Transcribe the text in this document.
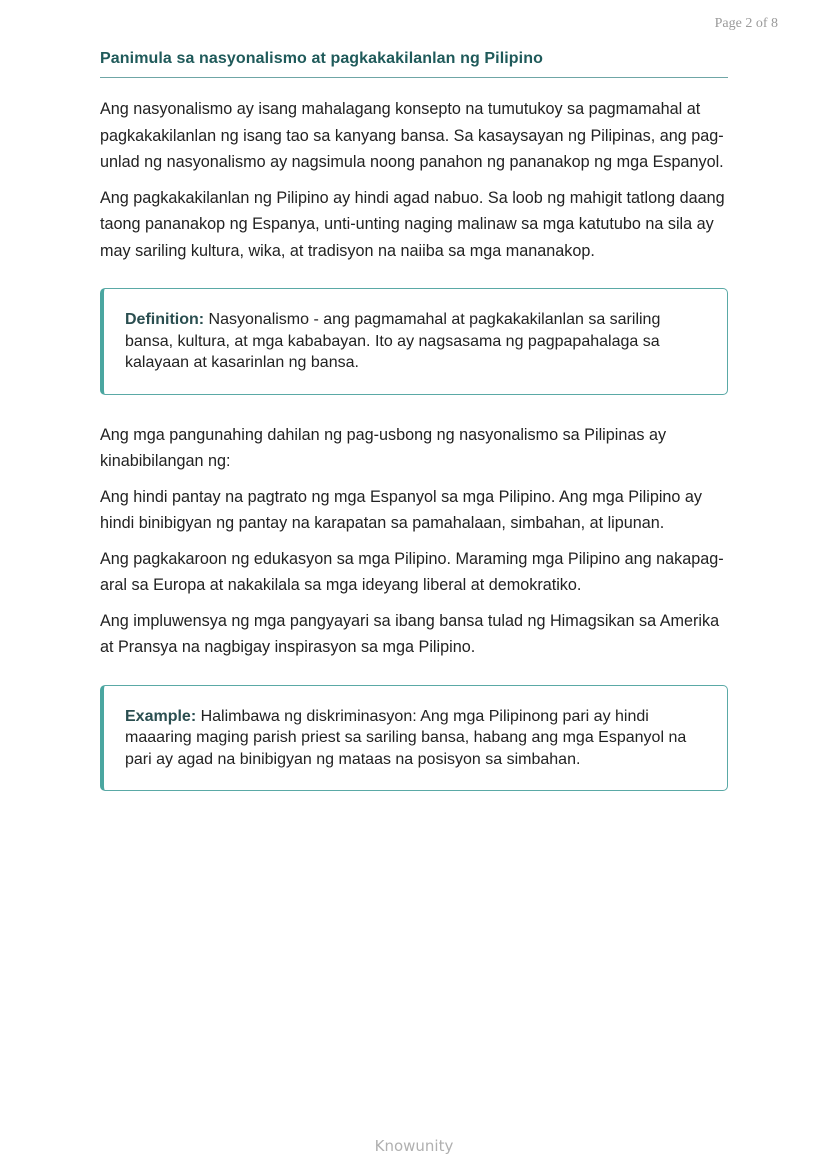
Page 2 of 8
Panimula sa nasyonalismo at pagkakakilanlan ng Pilipino

Ang nasyonalismo ay isang mahalagang konsepto na tumutukoy sa pagmamahal at pagkakakilanlan ng isang tao sa kanyang bansa. Sa kasaysayan ng Pilipinas, ang pag-unlad ng nasyonalismo ay nagsimula noong panahon ng pananakop ng mga Espanyol.

Ang pagkakakilanlan ng Pilipino ay hindi agad nabuo. Sa loob ng mahigit tatlong daang taong pananakop ng Espanya, unti-unting naging malinaw sa mga katutubo na sila ay may sariling kultura, wika, at tradisyon na naiiba sa mga mananakop.

Definition: Nasyonalismo - ang pagmamahal at pagkakakilanlan sa sariling bansa, kultura, at mga kababayan. Ito ay nagsasama ng pagpapahalaga sa kalayaan at kasarinlan ng bansa.

Ang mga pangunahing dahilan ng pag-usbong ng nasyonalismo sa Pilipinas ay kinabibilangan ng:

Ang hindi pantay na pagtrato ng mga Espanyol sa mga Pilipino. Ang mga Pilipino ay hindi binibigyan ng pantay na karapatan sa pamahalaan, simbahan, at lipunan.

Ang pagkakaroon ng edukasyon sa mga Pilipino. Maraming mga Pilipino ang nakapag-aral sa Europa at nakakilala sa mga ideyang liberal at demokratiko.

Ang impluwensya ng mga pangyayari sa ibang bansa tulad ng Himagsikan sa Amerika at Pransya na nagbigay inspirasyon sa mga Pilipino.

Example: Halimbawa ng diskriminasyon: Ang mga Pilipinong pari ay hindi maaaring maging parish priest sa sariling bansa, habang ang mga Espanyol na pari ay agad na binibigyan ng mataas na posisyon sa simbahan.
Knowunity
